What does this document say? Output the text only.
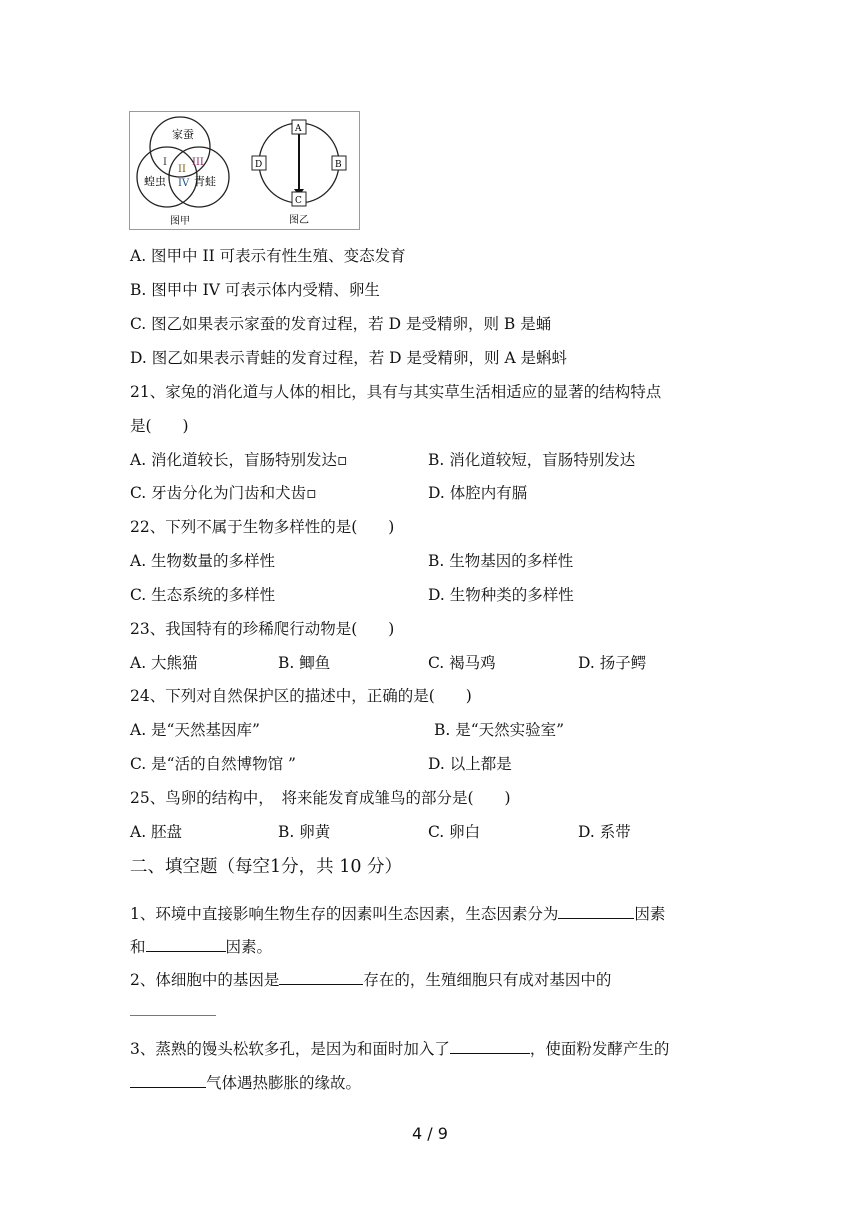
家蚕
蝗虫	青蛙
I
II
III
IV
图甲
A
B
C
D
图乙
A. 图甲中 II 可表示有性生殖、变态发育
B. 图甲中 IV 可表示体内受精、卵生
C. 图乙如果表示家蚕的发育过程，若 D 是受精卵，则 B 是蛹
D. 图乙如果表示青蛙的发育过程，若 D 是受精卵，则 A 是蝌蚪
21、家兔的消化道与人体的相比，具有与其实草生活相适应的显著的结构特点
是(　　)
A. 消化道较长，盲肠特别发达▫	B. 消化道较短，盲肠特别发达
C. 牙齿分化为门齿和犬齿▫	D. 体腔内有膈
22、下列不属于生物多样性的是(　　)
A. 生物数量的多样性	B. 生物基因的多样性
C. 生态系统的多样性	D. 生物种类的多样性
23、我国特有的珍稀爬行动物是(　　)
A. 大熊猫	B. 鲫鱼	C. 褐马鸡	D. 扬子鳄
24、下列对自然保护区的描述中，正确的是(　　)
A. 是“天然基因库”	B. 是“天然实验室”
C. 是“活的自然博物馆 ”	D. 以上都是
25、鸟卵的结构中，　将来能发育成雏鸟的部分是(　　)
A. 胚盘	B. 卵黄	C. 卵白	D. 系带
二、填空题（每空1分，共 10 分）
1、环境中直接影响生物生存的因素叫生态因素，生态因素分为	因素
和	因素。
2、体细胞中的基因是	存在的，生殖细胞只有成对基因中的
3、蒸熟的馒头松软多孔，是因为和面时加入了	，使面粉发酵产生的
气体遇热膨胀的缘故。
4 / 9
